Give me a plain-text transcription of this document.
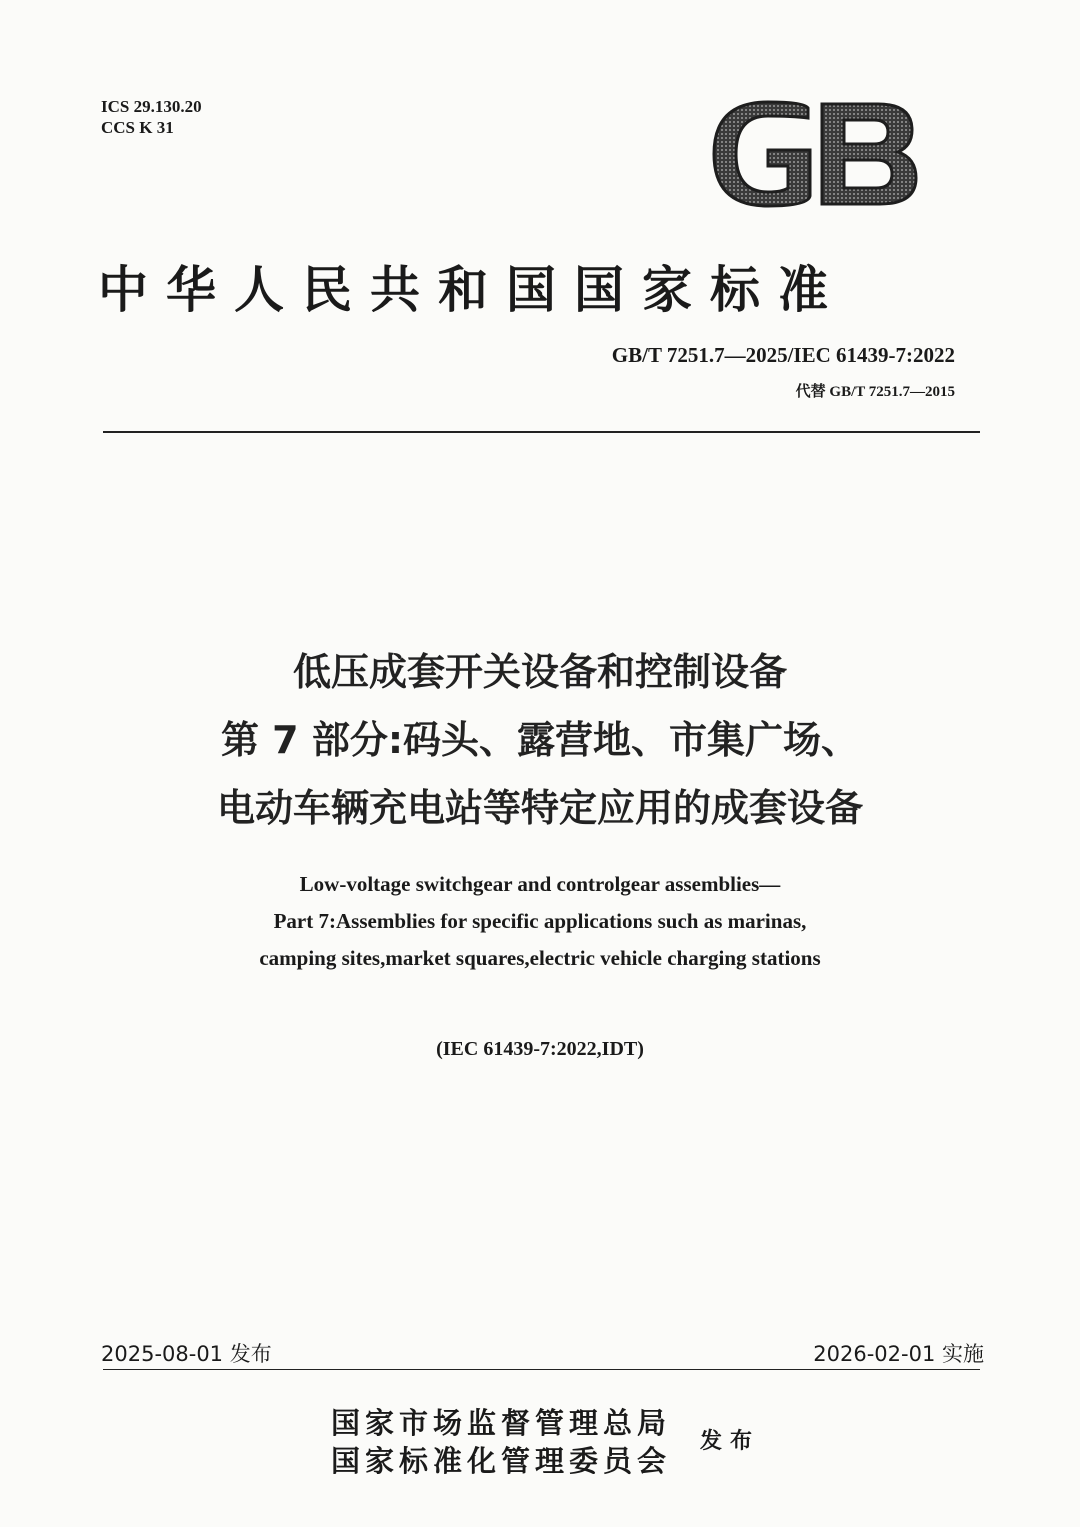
ICS 29.130.20
CCS K 31
中华人民共和国国家标准
GB/T 7251.7—2025/IEC 61439-7:2022
代替 GB/T 7251.7—2015
低压成套开关设备和控制设备
第 7 部分:码头、露营地、市集广场、
电动车辆充电站等特定应用的成套设备
Low-voltage switchgear and controlgear assemblies—
Part 7:Assemblies for specific applications such as marinas,
camping sites,market squares,electric vehicle charging stations
(IEC 61439-7:2022,IDT)
2025-08-01 发布	2026-02-01 实施
国家市场监督管理总局
国家标准化管理委员会
发布
